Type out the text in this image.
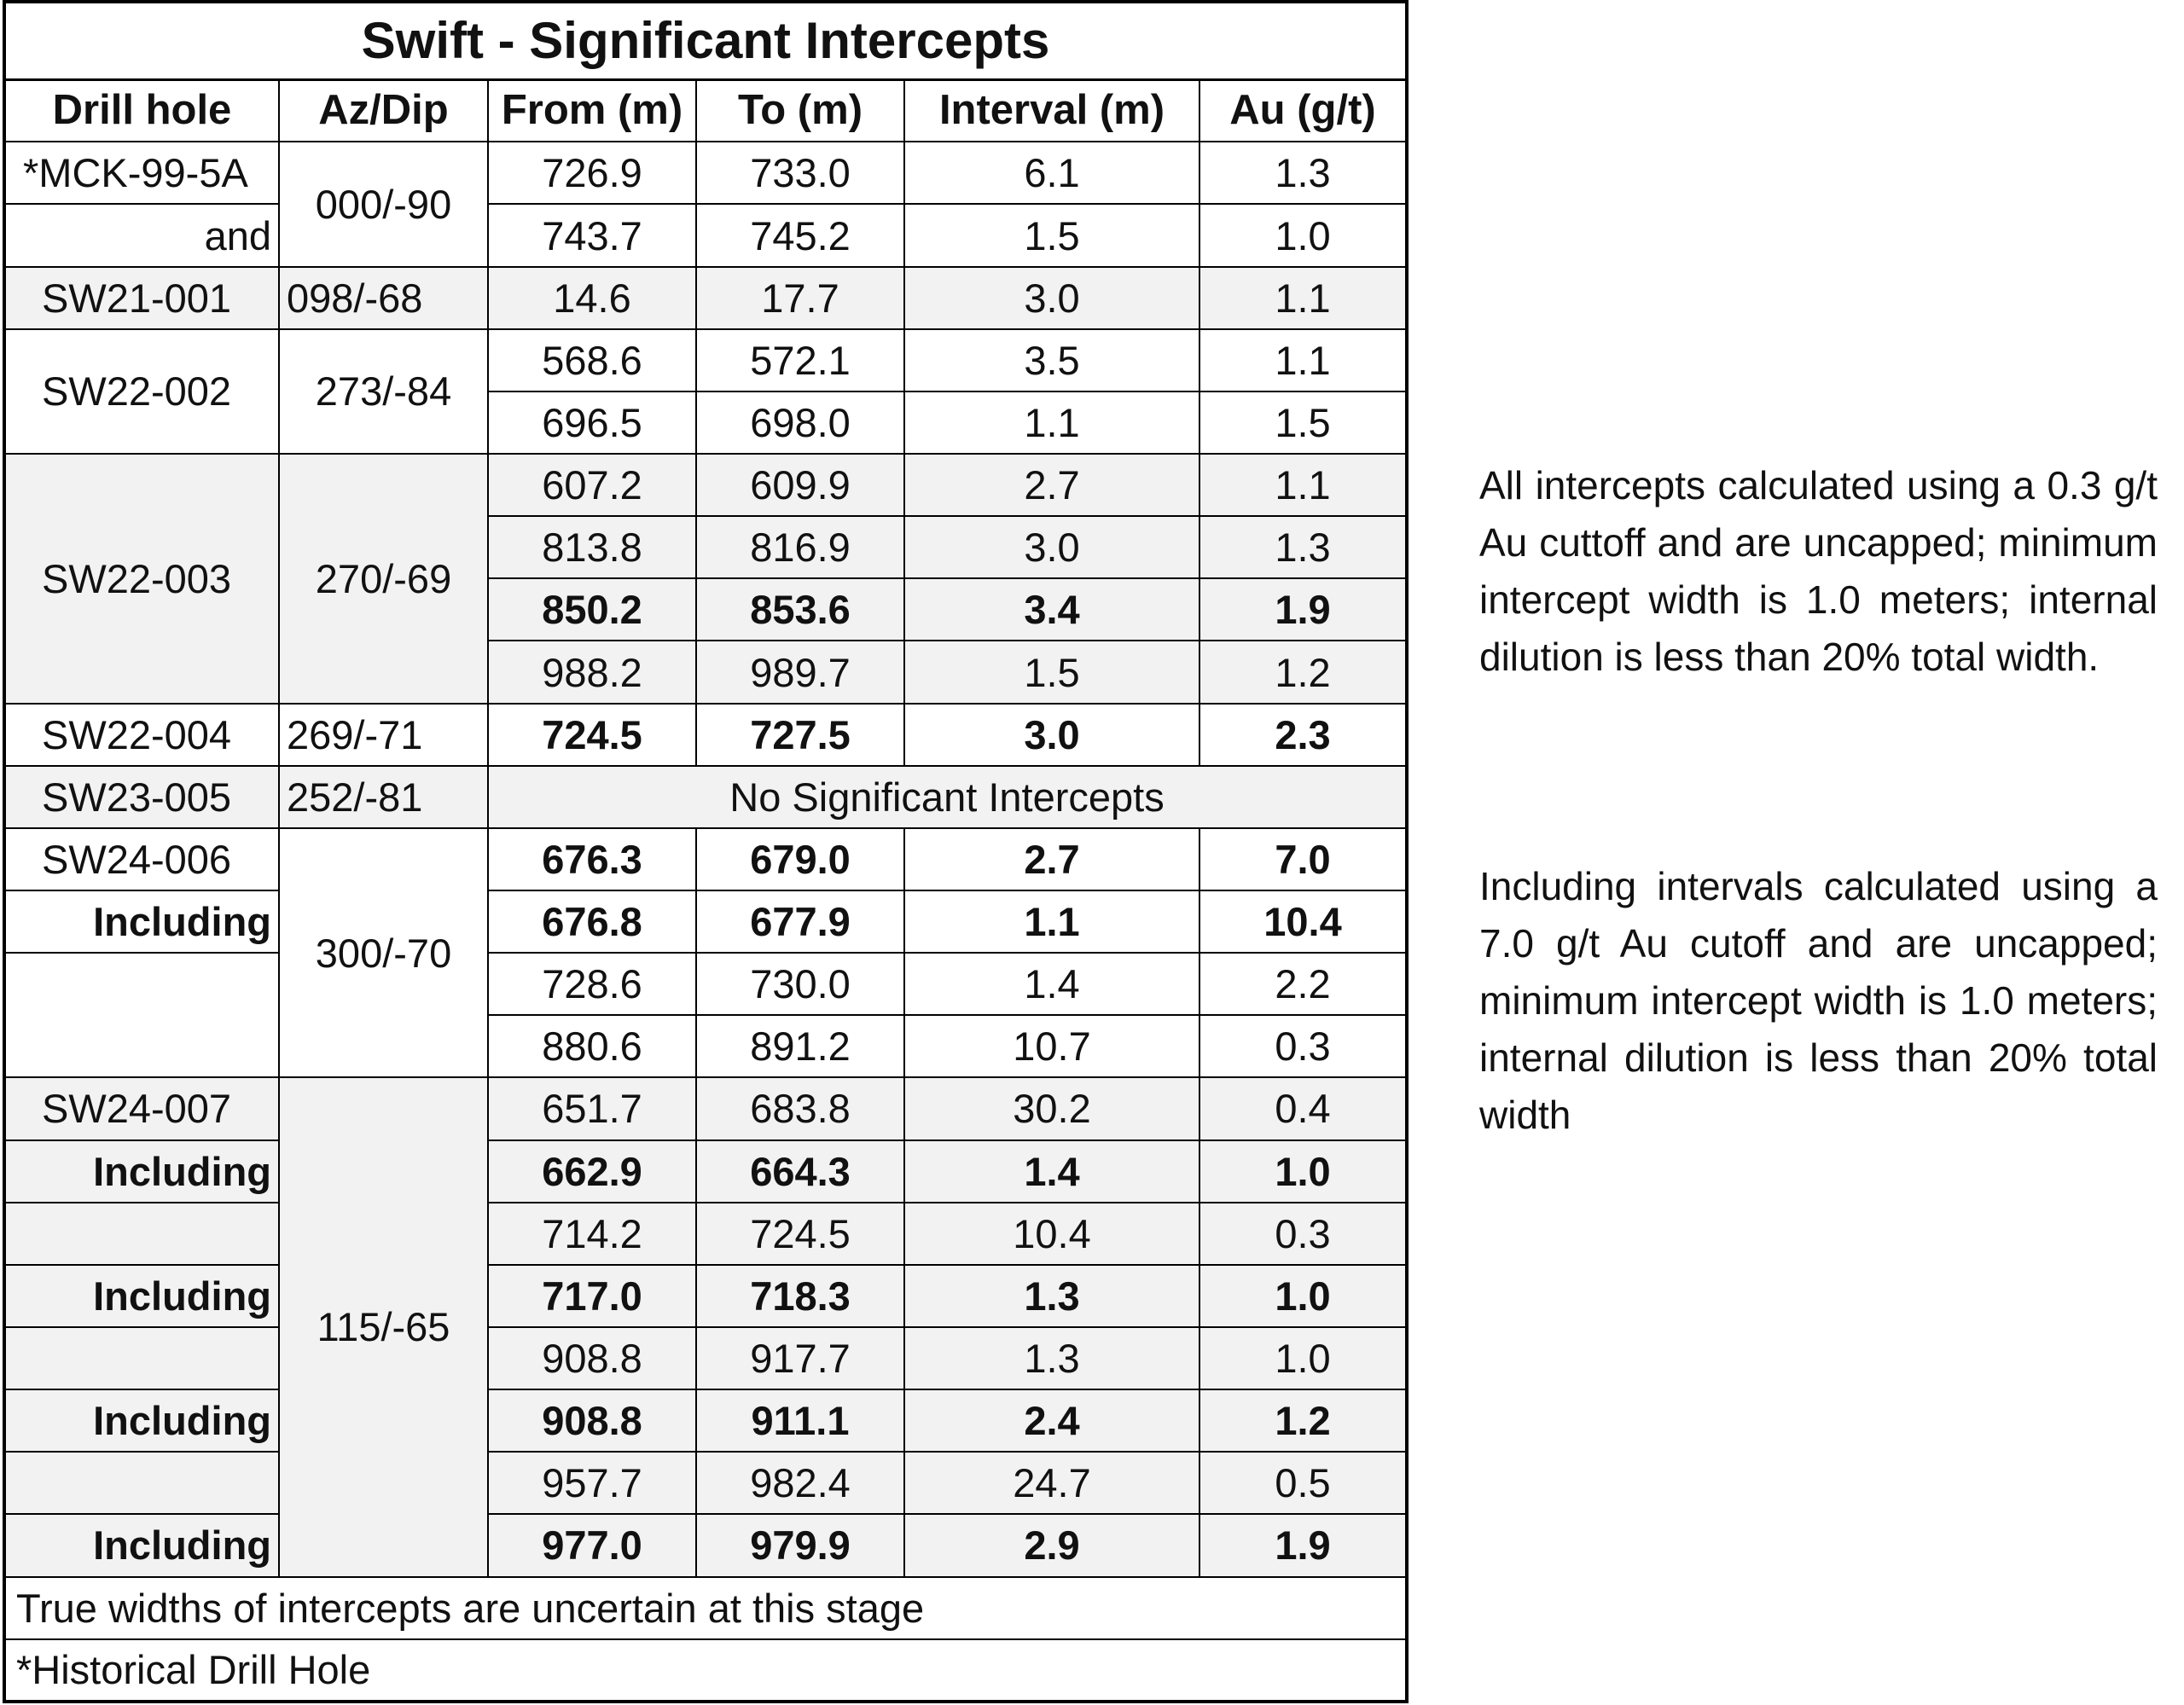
Swift - Significant Intercepts					
Drill hole	Az/Dip	From (m)	To (m)	Interval (m)	Au (g/t)
*MCK-99-5A	000/-90	726.9	733.0	6.1	1.3
and		743.7	745.2	1.5	1.0
SW21-001	098/-68	14.6	17.7	3.0	1.1
SW22-002	273/-84	568.6	572.1	3.5	1.1
		696.5	698.0	1.1	1.5
SW22-003	270/-69	607.2	609.9	2.7	1.1
		813.8	816.9	3.0	1.3
		850.2	853.6	3.4	1.9
		988.2	989.7	1.5	1.2
SW22-004	269/-71	724.5	727.5	3.0	2.3
SW23-005	252/-81	No Significant Intercepts			
SW24-006	300/-70	676.3	679.0	2.7	7.0
Including		676.8	677.9	1.1	10.4
		728.6	730.0	1.4	2.2
		880.6	891.2	10.7	0.3
SW24-007	115/-65	651.7	683.8	30.2	0.4
Including		662.9	664.3	1.4	1.0
		714.2	724.5	10.4	0.3
Including		717.0	718.3	1.3	1.0
		908.8	917.7	1.3	1.0
Including		908.8	911.1	2.4	1.2
		957.7	982.4	24.7	0.5
Including		977.0	979.9	2.9	1.9
True widths of intercepts are uncertain at this stage					
*Historical Drill Hole					
All intercepts calculated using a 0.3 g/t Au cuttoff and are uncapped; minimum intercept width is 1.0 meters; internal dilution is less than 20% total width.
Including intervals calculated using a 7.0 g/t Au cutoff and are uncapped; minimum intercept width is 1.0 meters; internal dilution is less than 20% total width
